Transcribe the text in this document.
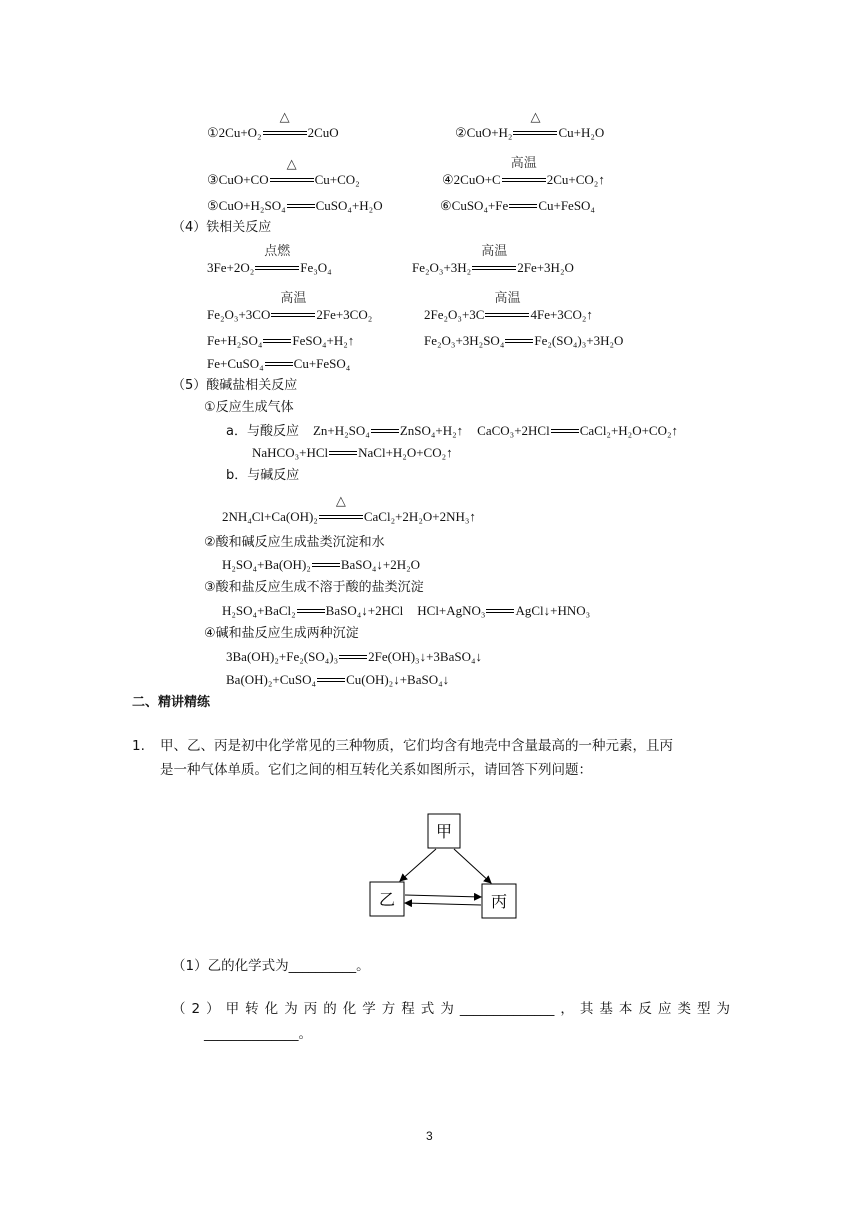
①2Cu+O₂
△
2CuO	②CuO+H₂
△
Cu+H₂O
③CuO+CO
△
Cu+CO₂	④2CuO+C
高温
2Cu+CO₂↑
⑤CuO+H₂SO₄ CuSO₄+H₂O	⑥CuSO₄+Fe Cu+FeSO₄
（4）铁相关反应
3Fe+2O₂
点燃
Fe₃O₄	Fe₂O₃+3H₂
高温
2Fe+3H₂O
Fe₂O₃+3CO
高温
2Fe+3CO₂	2Fe₂O₃+3C
高温
4Fe+3CO₂↑
Fe+H₂SO₄ FeSO₄+H₂↑	Fe₂O₃+3H₂SO₄ Fe₂(SO₄)₃+3H₂O
Fe+CuSO₄ Cu+FeSO₄
（5）酸碱盐相关反应
①反应生成气体
a．与酸反应 Zn+H₂SO₄ ZnSO₄+H₂↑ CaCO₃+2HCl CaCl₂+H₂O+CO₂↑
NaHCO₃+HCl NaCl+H₂O+CO₂↑
b．与碱反应
2NH₄Cl+Ca(OH)₂
△
CaCl₂+2H₂O+2NH₃↑
②酸和碱反应生成盐类沉淀和水
H₂SO₄+Ba(OH)₂ BaSO₄↓+2H₂O
③酸和盐反应生成不溶于酸的盐类沉淀
H₂SO₄+BaCl₂ BaSO₄↓+2HCl HCl+AgNO₃ AgCl↓+HNO₃
④碱和盐反应生成两种沉淀
3Ba(OH)₂+Fe₂(SO₄)₃ 2Fe(OH)₃↓+3BaSO₄↓
Ba(OH)₂+CuSO₄ Cu(OH)₂↓+BaSO₄↓
二、精讲精练
1. 甲、乙、丙是初中化学常见的三种物质，它们均含有地壳中含量最高的一种元素，且丙
是一种气体单质。它们之间的相互转化关系如图所示，请回答下列问题：
甲
乙	丙
（1）乙的化学式为__________。
（2）甲转化为丙的化学方程式为______________，其基本反应类型为
______________。
3
